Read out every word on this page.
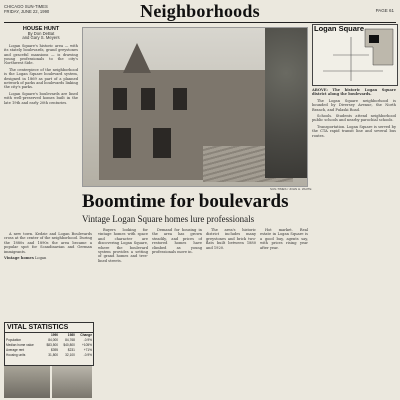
CHICAGO SUN-TIMES
FRIDAY, JUNE 22, 1990	Neighborhoods	PAGE 61
HOUSE HUNT
By Don DeBat
and Gary S. Meyers

Logan Square's historic area — with its stately boulevards, grand greystones and graceful mansions — is drawing young professionals to the city's Northwest Side.

The centerpiece of the neighborhood is the Logan Square boulevard system, designed in 1869 as part of a planned network of parks and boulevards linking the city's parks.

Logan Square's boulevards are lined with well-preserved homes built in the late 19th and early 20th centuries.

A new town. Kedzie and Logan Boulevards cross at the center of the neighborhood. During the 1880s and 1890s the area became a popular spot for Scandinavian and German immigrants.

Vintage homes Logan

SUN-TIMES / JOHN H. WHITE
Boomtime for boulevards
Vintage Logan Square homes lure professionals

Buyers looking for vintage homes with space and character are discovering Logan Square, where the boulevard system provides a setting of grand homes and tree-lined streets.

Demand for housing in the area has grown steadily, and prices of restored homes have climbed as young professionals move in.

The area's historic district includes many greystones and brick two-flats built between 1880 and 1920.

Hot market. Real estate in Logan Square is a good buy, agents say, with prices rising year after year.

Logan Square

ABOVE: The historic Logan Square district along the boulevards.

The Logan Square neighborhood is bounded by Diversey Avenue, the North Branch, and Pulaski Road.

Schools. Students attend neighborhood public schools and nearby parochial schools.

Transportation. Logan Square is served by the CTA rapid transit line and several bus routes.

VITAL STATISTICS
	1990	1980	Change
Population	84,000	84,768	-0.9%
Median home value	$83,500	$40,800	+105%
Average rent	$395	$231	+71%
Housing units	31,800	32,100	-0.9%
